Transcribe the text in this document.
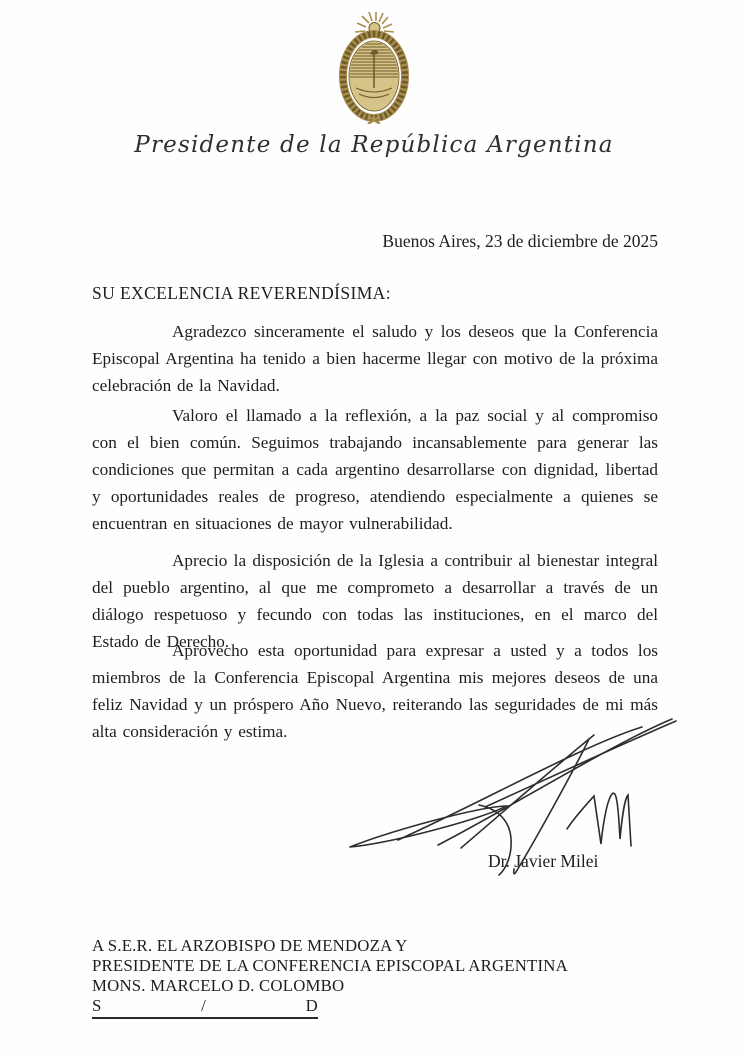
Presidente de la República Argentina
Buenos Aires, 23 de diciembre de 2025
SU EXCELENCIA REVERENDÍSIMA:

Agradezco sinceramente el saludo y los deseos que la Conferencia Episcopal Argentina ha tenido a bien hacerme llegar con motivo de la próxima celebración de la Navidad.

Valoro el llamado a la reflexión, a la paz social y al compromiso con el bien común. Seguimos trabajando incansablemente para generar las condiciones que permitan a cada argentino desarrollarse con dignidad, libertad y oportunidades reales de progreso, atendiendo especialmente a quienes se encuentran en situaciones de mayor vulnerabilidad.

Aprecio la disposición de la Iglesia a contribuir al bienestar integral del pueblo argentino, al que me comprometo a desarrollar a través de un diálogo respetuoso y fecundo con todas las instituciones, en el marco del Estado de Derecho.

Aprovecho esta oportunidad para expresar a usted y a todos los miembros de la Conferencia Episcopal Argentina mis mejores deseos de una feliz Navidad y un próspero Año Nuevo, reiterando las seguridades de mi más alta consideración y estima.

Dr. Javier Milei
A S.E.R. EL ARZOBISPO DE MENDOZA Y
PRESIDENTE DE LA CONFERENCIA EPISCOPAL ARGENTINA
MONS. MARCELO D. COLOMBO
S	/	D
